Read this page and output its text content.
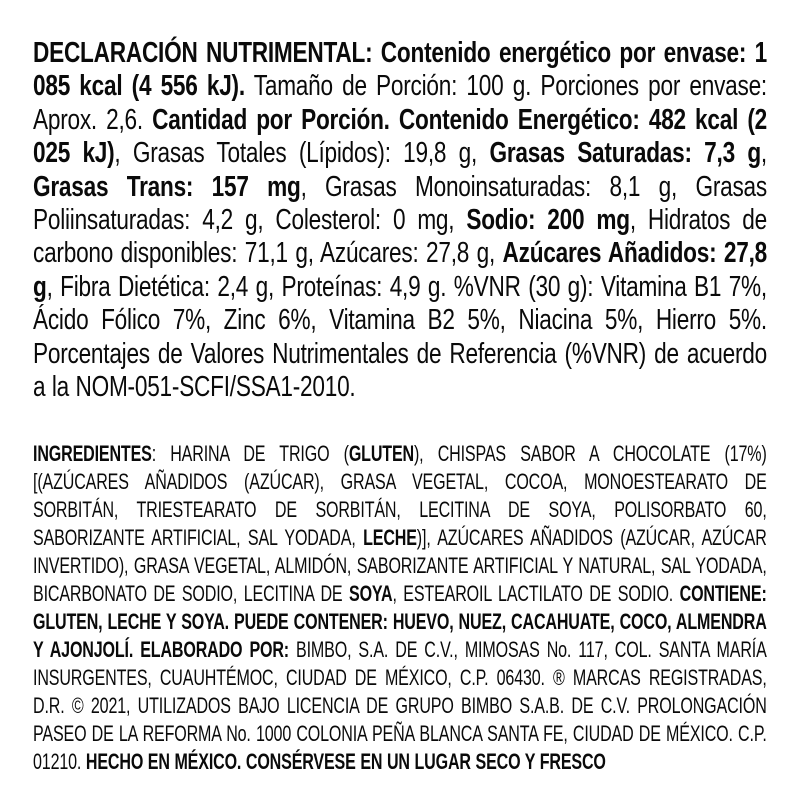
DECLARACIÓN NUTRIMENTAL: Contenido energético por envase: 1 085 kcal (4 556 kJ). Tamaño de Porción: 100 g. Porciones por envase: Aprox. 2,6. Cantidad por Porción. Contenido Energético: 482 kcal (2 025 kJ), Grasas Totales (Lípidos): 19,8 g, Grasas Saturadas: 7,3 g, Grasas Trans: 157 mg, Grasas Monoinsaturadas: 8,1 g, Grasas Poliinsaturadas: 4,2 g, Colesterol: 0 mg, Sodio: 200 mg, Hidratos de carbono disponibles: 71,1 g, Azúcares: 27,8 g, Azúcares Añadidos: 27,8 g, Fibra Dietética: 2,4 g, Proteínas: 4,9 g. %VNR (30 g): Vitamina B1 7%, Ácido Fólico 7%, Zinc 6%, Vitamina B2 5%, Niacina 5%, Hierro 5%. Porcentajes de Valores Nutrimentales de Referencia (%VNR) de acuerdo a la NOM-051-SCFI/SSA1-2010.
INGREDIENTES: HARINA DE TRIGO (GLUTEN), CHISPAS SABOR A CHOCOLATE (17%) [(AZÚCARES AÑADIDOS (AZÚCAR), GRASA VEGETAL, COCOA, MONOESTEARATO DE SORBITÁN, TRIESTEARATO DE SORBITÁN, LECITINA DE SOYA, POLISORBATO 60, SABORIZANTE ARTIFICIAL, SAL YODADA, LECHE)], AZÚCARES AÑADIDOS (AZÚCAR, AZÚCAR INVERTIDO), GRASA VEGETAL, ALMIDÓN, SABORIZANTE ARTIFICIAL Y NATURAL, SAL YODADA, BICARBONATO DE SODIO, LECITINA DE SOYA, ESTEAROIL LACTILATO DE SODIO. CONTIENE: GLUTEN, LECHE Y SOYA. PUEDE CONTENER: HUEVO, NUEZ, CACAHUATE, COCO, ALMENDRA Y AJONJOLÍ. ELABORADO POR: BIMBO, S.A. DE C.V., MIMOSAS No. 117, COL. SANTA MARÍA INSURGENTES, CUAUHTÉMOC, CIUDAD DE MÉXICO, C.P. 06430. ® MARCAS REGISTRADAS, D.R. © 2021, UTILIZADOS BAJO LICENCIA DE GRUPO BIMBO S.A.B. DE C.V. PROLONGACIÓN PASEO DE LA REFORMA No. 1000 COLONIA PEÑA BLANCA SANTA FE, CIUDAD DE MÉXICO. C.P. 01210. HECHO EN MÉXICO. CONSÉRVESE EN UN LUGAR SECO Y FRESCO
